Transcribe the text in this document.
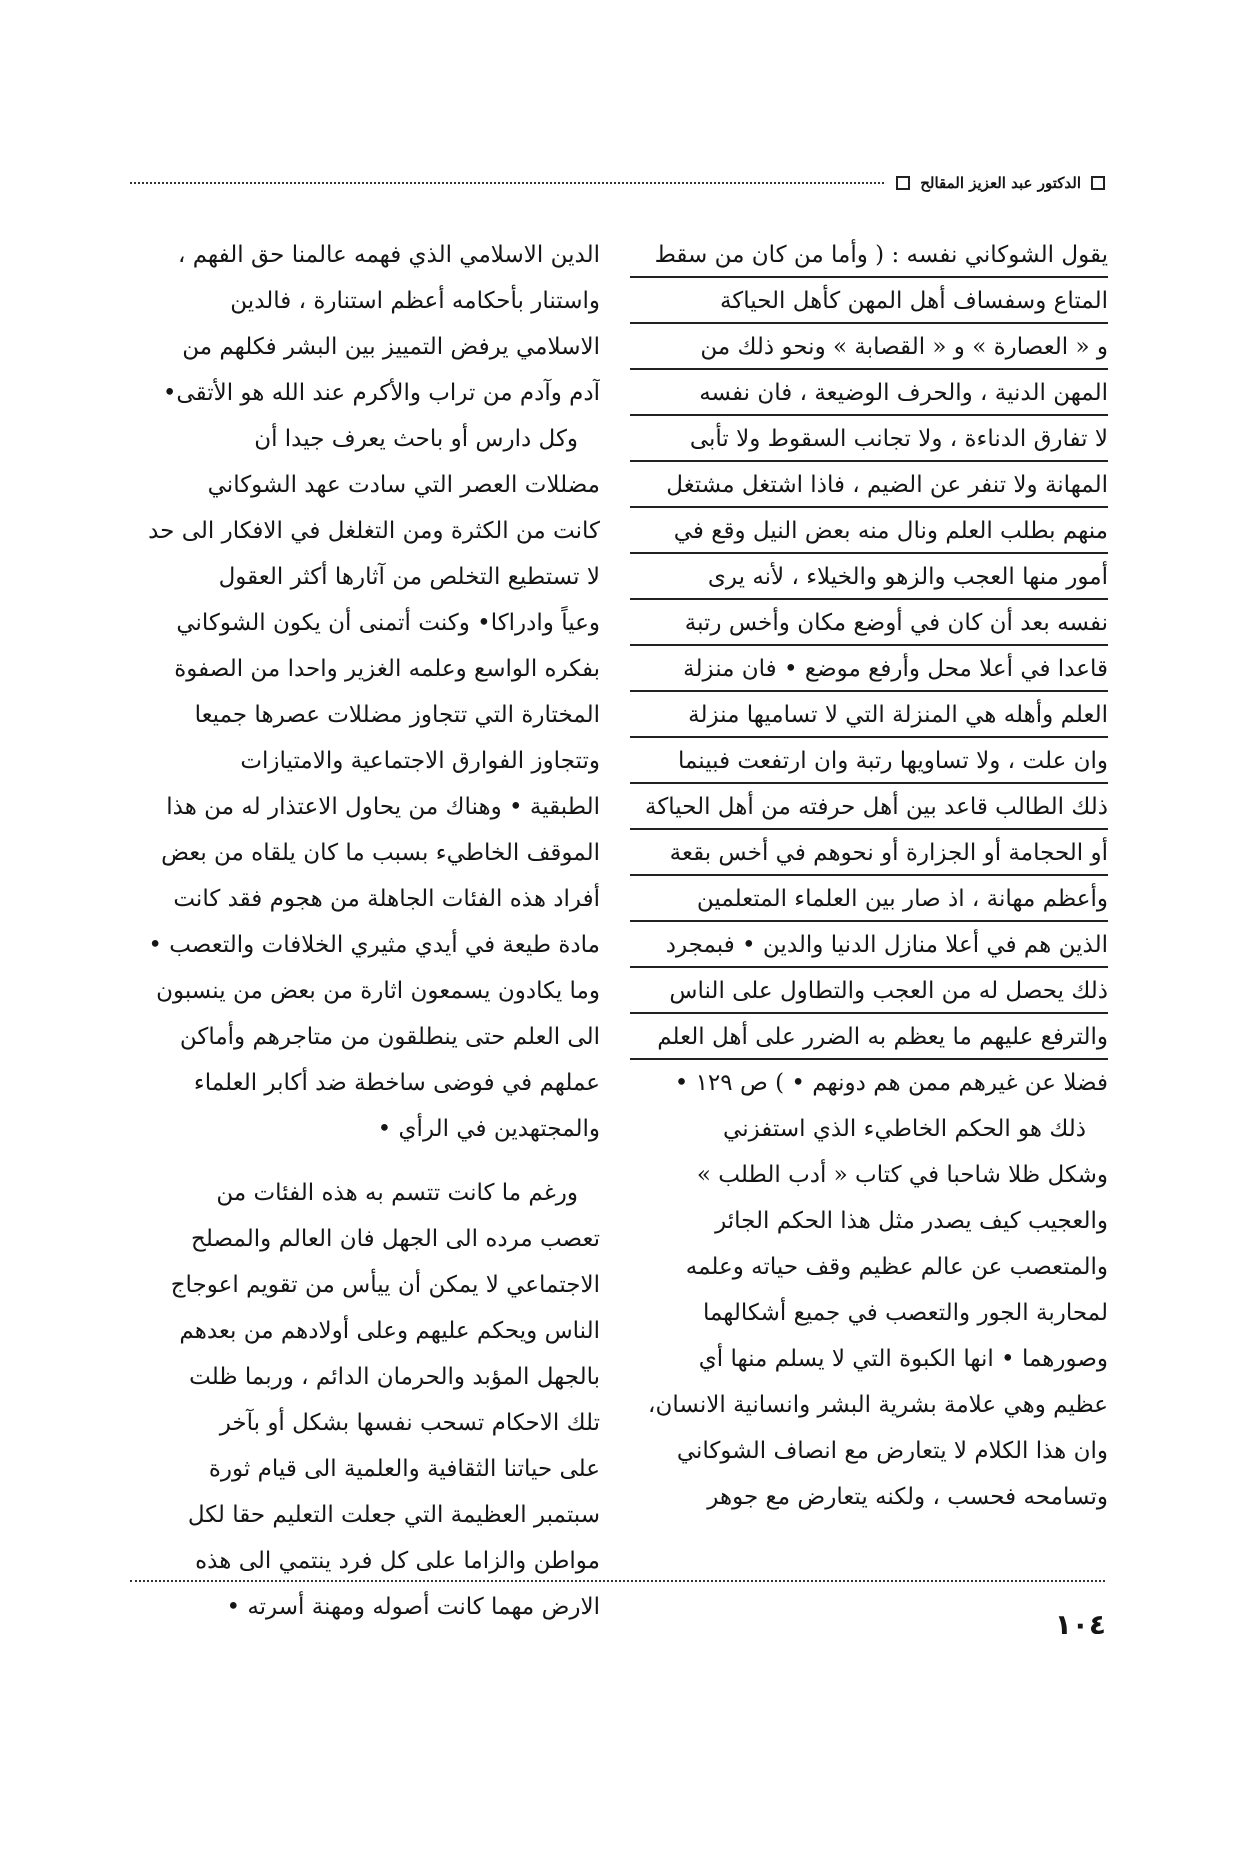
الدكتور عبد العزيز المقالح
يقول الشوكاني نفسه : ( وأما من كان من سقط
المتاع وسفساف أهل المهن كأهل الحياكة
و « العصارة » و « القصابة » ونحو ذلك من
المهن الدنية ، والحرف الوضيعة ، فان نفسه
لا تفارق الدناءة ، ولا تجانب السقوط ولا تأبى
المهانة ولا تنفر عن الضيم ، فاذا اشتغل مشتغل
منهم بطلب العلم ونال منه بعض النيل وقع في
أمور منها العجب والزهو والخيلاء ، لأنه يرى
نفسه بعد أن كان في أوضع مكان وأخس رتبة
قاعدا في أعلا محل وأرفع موضع • فان منزلة
العلم وأهله هي المنزلة التي لا تساميها منزلة
وان علت ، ولا تساويها رتبة وان ارتفعت فبينما
ذلك الطالب قاعد بين أهل حرفته من أهل الحياكة
أو الحجامة أو الجزارة أو نحوهم في أخس بقعة
وأعظم مهانة ، اذ صار بين العلماء المتعلمين
الذين هم في أعلا منازل الدنيا والدين • فبمجرد
ذلك يحصل له من العجب والتطاول على الناس
والترفع عليهم ما يعظم به الضرر على أهل العلم
فضلا عن غيرهم ممن هم دونهم • ) ص ١٢٩ •
ذلك هو الحكم الخاطيء الذي استفزني
وشكل ظلا شاحبا في كتاب « أدب الطلب »
والعجيب كيف يصدر مثل هذا الحكم الجائر
والمتعصب عن عالم عظيم وقف حياته وعلمه
لمحاربة الجور والتعصب في جميع أشكالهما
وصورهما • انها الكبوة التي لا يسلم منها أي
عظيم وهي علامة بشرية البشر وانسانية الانسان،
وان هذا الكلام لا يتعارض مع انصاف الشوكاني
وتسامحه فحسب ، ولكنه يتعارض مع جوهر
الدين الاسلامي الذي فهمه عالمنا حق الفهم ،
واستنار بأحكامه أعظم استنارة ، فالدين
الاسلامي يرفض التمييز بين البشر فكلهم من
آدم وآدم من تراب والأكرم عند الله هو الأتقى•
وكل دارس أو باحث يعرف جيدا أن
مضللات العصر التي سادت عهد الشوكاني
كانت من الكثرة ومن التغلغل في الافكار الى حد
لا تستطيع التخلص من آثارها أكثر العقول
وعياً وادراكا• وكنت أتمنى أن يكون الشوكاني
بفكره الواسع وعلمه الغزير واحدا من الصفوة
المختارة التي تتجاوز مضللات عصرها جميعا
وتتجاوز الفوارق الاجتماعية والامتيازات
الطبقية • وهناك من يحاول الاعتذار له من هذا
الموقف الخاطيء بسبب ما كان يلقاه من بعض
أفراد هذه الفئات الجاهلة من هجوم فقد كانت
مادة طيعة في أيدي مثيري الخلافات والتعصب •
وما يكادون يسمعون اثارة من بعض من ينسبون
الى العلم حتى ينطلقون من متاجرهم وأماكن
عملهم في فوضى ساخطة ضد أكابر العلماء
والمجتهدين في الرأي •
ورغم ما كانت تتسم به هذه الفئات من
تعصب مرده الى الجهل فان العالم والمصلح
الاجتماعي لا يمكن أن ييأس من تقويم اعوجاج
الناس ويحكم عليهم وعلى أولادهم من بعدهم
بالجهل المؤبد والحرمان الدائم ، وربما ظلت
تلك الاحكام تسحب نفسها بشكل أو بآخر
على حياتنا الثقافية والعلمية الى قيام ثورة
سبتمبر العظيمة التي جعلت التعليم حقا لكل
مواطن والزاما على كل فرد ينتمي الى هذه
الارض مهما كانت أصوله ومهنة أسرته •
١٠٤
